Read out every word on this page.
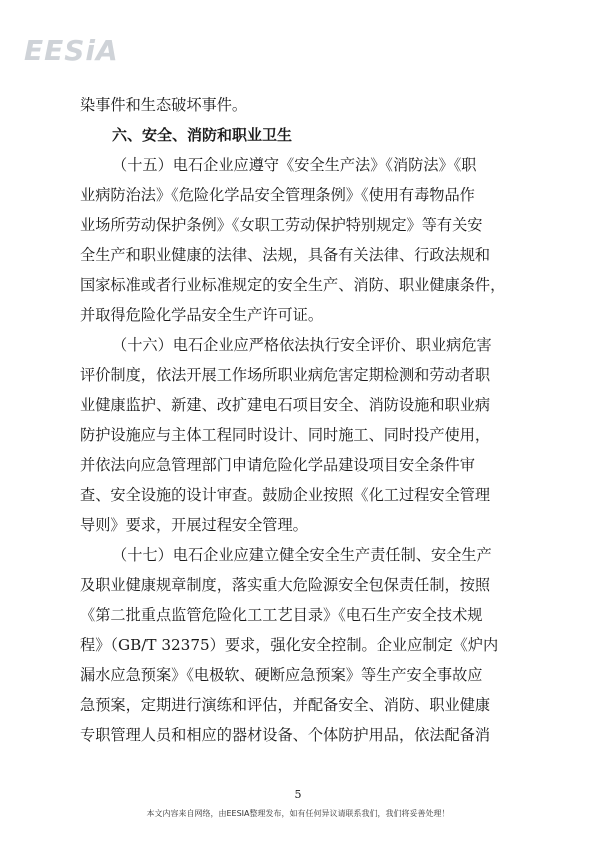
EESiA
染事件和生态破坏事件。
六、安全、消防和职业卫生
（十五）电石企业应遵守《安全生产法》《消防法》《职
业病防治法》《危险化学品安全管理条例》《使用有毒物品作
业场所劳动保护条例》《女职工劳动保护特别规定》等有关安
全生产和职业健康的法律、法规，具备有关法律、行政法规和
国家标准或者行业标准规定的安全生产、消防、职业健康条件，
并取得危险化学品安全生产许可证。
（十六）电石企业应严格依法执行安全评价、职业病危害
评价制度，依法开展工作场所职业病危害定期检测和劳动者职
业健康监护、新建、改扩建电石项目安全、消防设施和职业病
防护设施应与主体工程同时设计、同时施工、同时投产使用，
并依法向应急管理部门申请危险化学品建设项目安全条件审
查、安全设施的设计审查。鼓励企业按照《化工过程安全管理
导则》要求，开展过程安全管理。
（十七）电石企业应建立健全安全生产责任制、安全生产
及职业健康规章制度，落实重大危险源安全包保责任制，按照
《第二批重点监管危险化工工艺目录》《电石生产安全技术规
程》（GB/T 32375）要求，强化安全控制。企业应制定《炉内
漏水应急预案》《电极软、硬断应急预案》等生产安全事故应
急预案，定期进行演练和评估，并配备安全、消防、职业健康
专职管理人员和相应的器材设备、个体防护用品，依法配备消
5
本文内容来自网络，由EESIA整理发布，如有任何异议请联系我们，我们将妥善处理！
